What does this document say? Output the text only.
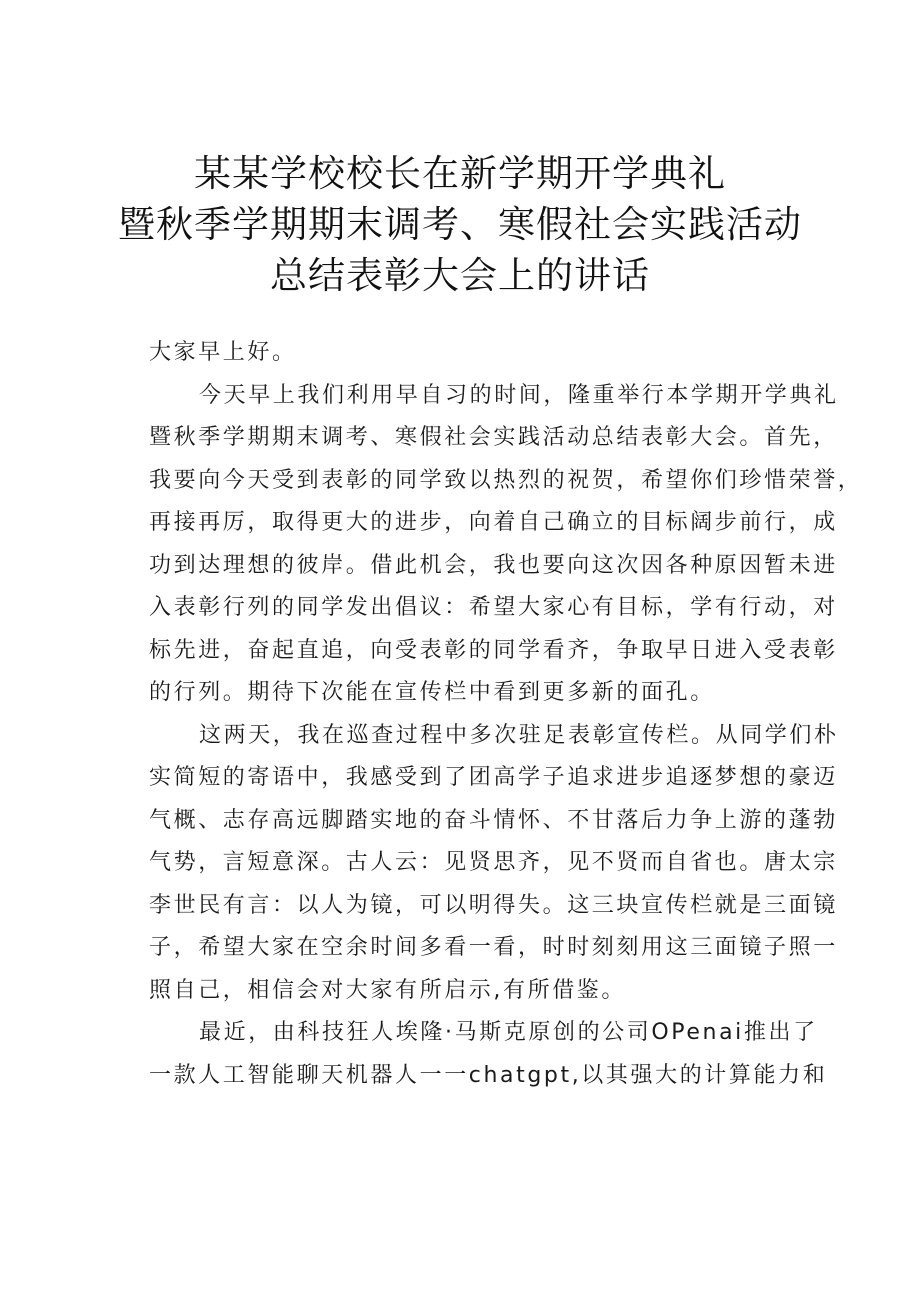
某某学校校长在新学期开学典礼
暨秋季学期期末调考、寒假社会实践活动
总结表彰大会上的讲话
大家早上好。
今天早上我们利用早自习的时间，隆重举行本学期开学典礼
暨秋季学期期末调考、寒假社会实践活动总结表彰大会。首先，
我要向今天受到表彰的同学致以热烈的祝贺，希望你们珍惜荣誉，
再接再厉，取得更大的进步，向着自己确立的目标阔步前行，成
功到达理想的彼岸。借此机会，我也要向这次因各种原因暂未进
入表彰行列的同学发出倡议：希望大家心有目标，学有行动，对
标先进，奋起直追，向受表彰的同学看齐，争取早日进入受表彰
的行列。期待下次能在宣传栏中看到更多新的面孔。
这两天，我在巡查过程中多次驻足表彰宣传栏。从同学们朴
实简短的寄语中，我感受到了团高学子追求进步追逐梦想的豪迈
气概、志存高远脚踏实地的奋斗情怀、不甘落后力争上游的蓬勃
气势，言短意深。古人云：见贤思齐，见不贤而自省也。唐太宗
李世民有言：以人为镜，可以明得失。这三块宣传栏就是三面镜
子，希望大家在空余时间多看一看，时时刻刻用这三面镜子照一
照自己，相信会对大家有所启示,有所借鉴。
最近，由科技狂人埃隆·马斯克原创的公司OPenai推出了
一款人工智能聊天机器人一一chatgpt,以其强大的计算能力和
